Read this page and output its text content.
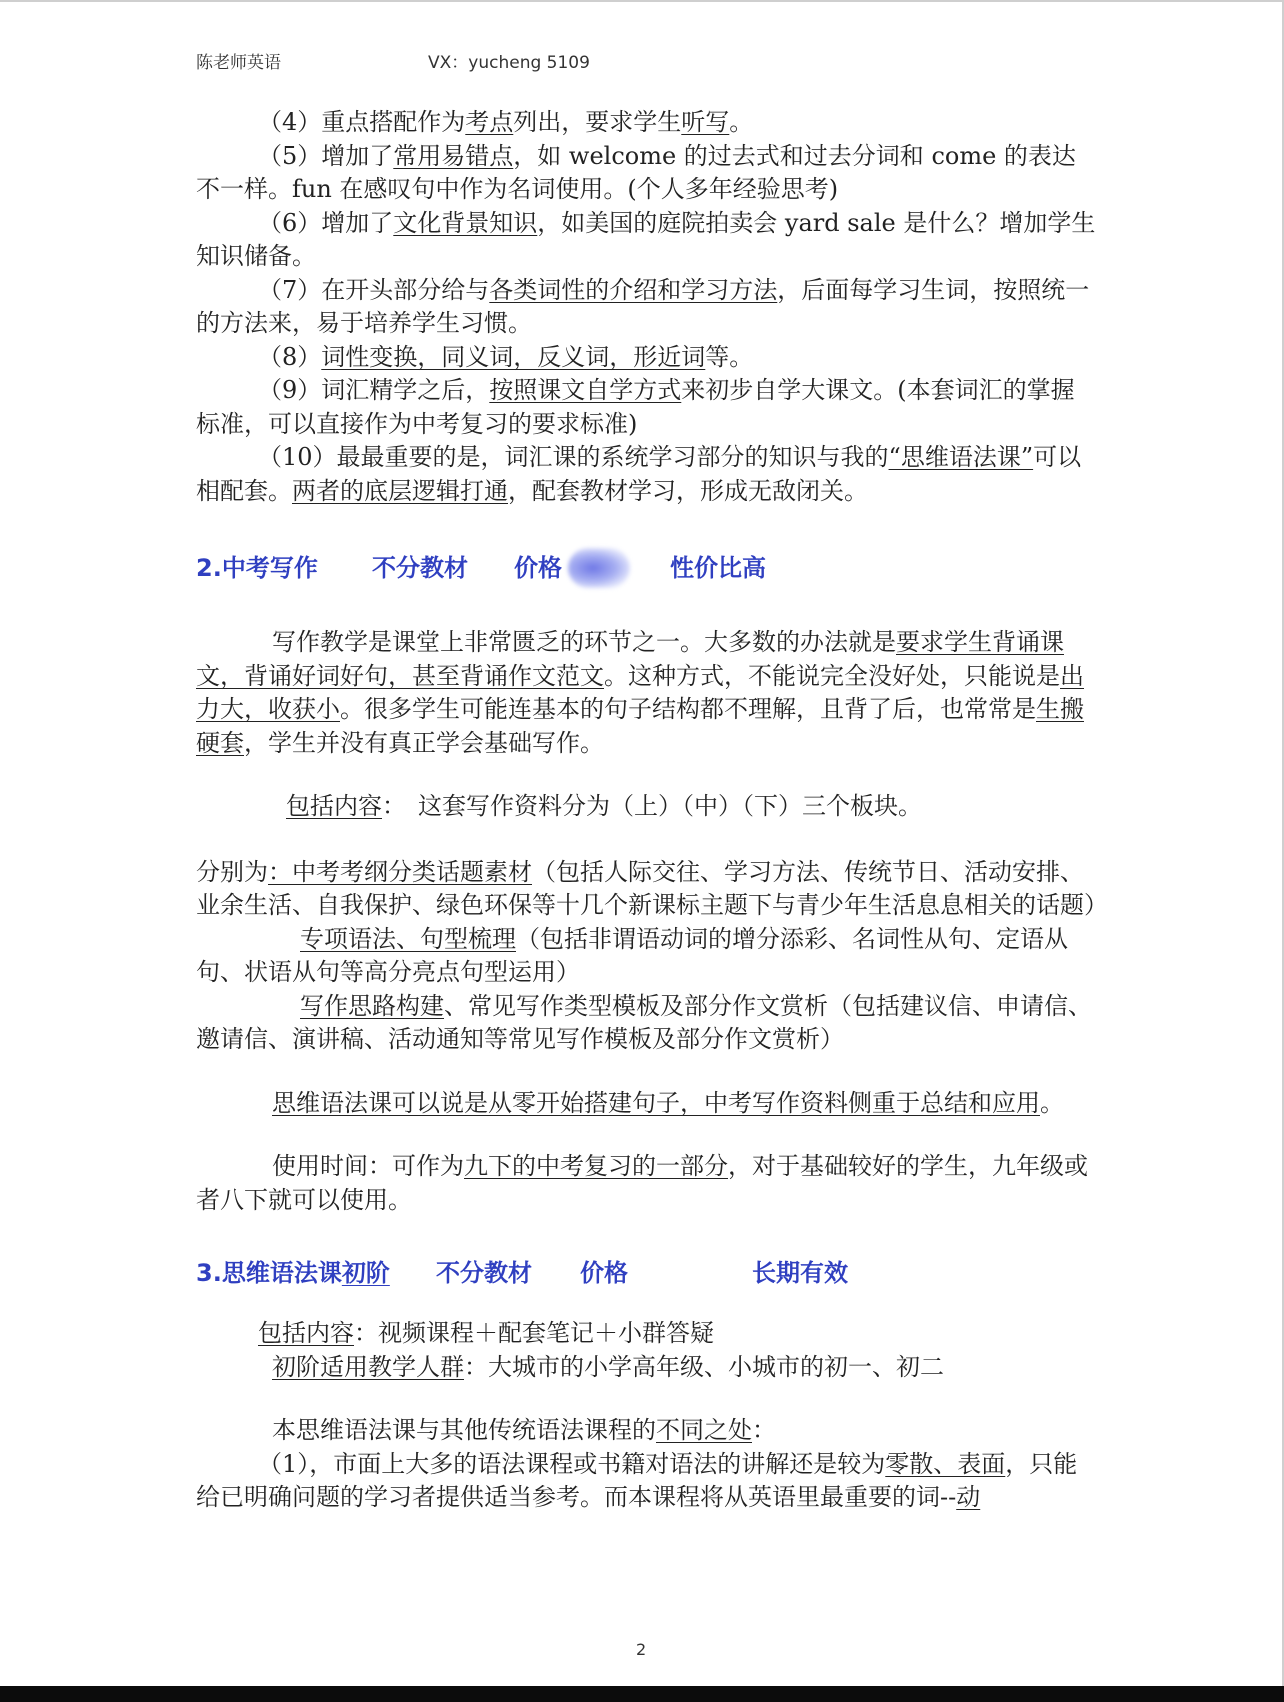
陈老师英语	VX：yucheng 5109

（4）重点搭配作为考点列出，要求学生听写。

（5）增加了常用易错点，如 welcome 的过去式和过去分词和 come 的表达不一样。fun 在感叹句中作为名词使用。(个人多年经验思考)

（6）增加了文化背景知识，如美国的庭院拍卖会 yard sale 是什么？增加学生知识储备。

（7）在开头部分给与各类词性的介绍和学习方法，后面每学习生词，按照统一的方法来，易于培养学生习惯。

（8）词性变换，同义词，反义词，形近词等。

（9）词汇精学之后，按照课文自学方式来初步自学大课文。(本套词汇的掌握标准，可以直接作为中考复习的要求标准)

（10）最最重要的是，词汇课的系统学习部分的知识与我的“思维语法课”可以相配套。两者的底层逻辑打通，配套教材学习，形成无敌闭关。

2.中考写作 不分教材 价格	性价比高

写作教学是课堂上非常匮乏的环节之一。大多数的办法就是要求学生背诵课文，背诵好词好句，甚至背诵作文范文。这种方式，不能说完全没好处，只能说是出力大，收获小。很多学生可能连基本的句子结构都不理解，且背了后，也常常是生搬硬套，学生并没有真正学会基础写作。

包括内容：　这套写作资料分为（上）（中）（下）三个板块。

分别为：中考考纲分类话题素材（包括人际交往、学习方法、传统节日、活动安排、业余生活、自我保护、绿色环保等十几个新课标主题下与青少年生活息息相关的话题）

专项语法、句型梳理（包括非谓语动词的增分添彩、名词性从句、定语从句、状语从句等高分亮点句型运用）

写作思路构建、常见写作类型模板及部分作文赏析（包括建议信、申请信、邀请信、演讲稿、活动通知等常见写作模板及部分作文赏析）

思维语法课可以说是从零开始搭建句子，中考写作资料侧重于总结和应用。

使用时间：可作为九下的中考复习的一部分，对于基础较好的学生，九年级或者八下就可以使用。

3.思维语法课初阶 不分教材 价格	长期有效

包括内容：视频课程＋配套笔记＋小群答疑

初阶适用教学人群：大城市的小学高年级、小城市的初一、初二

本思维语法课与其他传统语法课程的不同之处：

（1），市面上大多的语法课程或书籍对语法的讲解还是较为零散、表面，只能给已明确问题的学习者提供适当参考。而本课程将从英语里最重要的词--动

2
